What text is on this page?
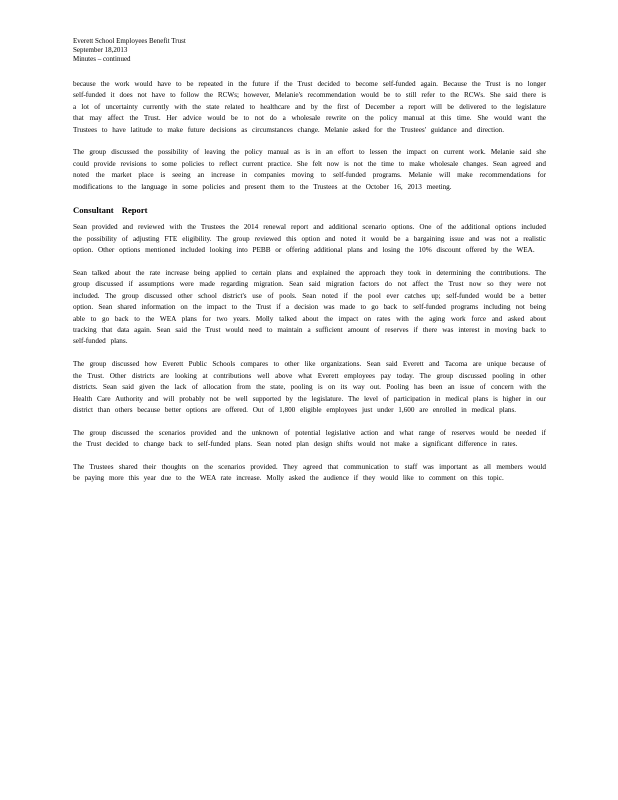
Everett School Employees Benefit Trust
September 18,2013
Minutes – continued

because the work would have to be repeated in the future if the Trust decided to become self-funded again. Because the Trust is no longer self-funded it does not have to follow the RCWs; however, Melanie's recommendation would be to still refer to the RCWs. She said there is a lot of uncertainty currently with the state related to healthcare and by the first of December a report will be delivered to the legislature that may affect the Trust. Her advice would be to not do a wholesale rewrite on the policy manual at this time. She would want the Trustees to have latitude to make future decisions as circumstances change. Melanie asked for the Trustees' guidance and direction.

The group discussed the possibility of leaving the policy manual as is in an effort to lessen the impact on current work. Melanie said she could provide revisions to some policies to reflect current practice. She felt now is not the time to make wholesale changes. Sean agreed and noted the market place is seeing an increase in companies moving to self-funded programs. Melanie will make recommendations for modifications to the language in some policies and present them to the Trustees at the October 16, 2013 meeting.

Consultant Report

Sean provided and reviewed with the Trustees the 2014 renewal report and additional scenario options. One of the additional options included the possibility of adjusting FTE eligibility. The group reviewed this option and noted it would be a bargaining issue and was not a realistic option. Other options mentioned included looking into PEBB or offering additional plans and losing the 10% discount offered by the WEA.

Sean talked about the rate increase being applied to certain plans and explained the approach they took in determining the contributions. The group discussed if assumptions were made regarding migration. Sean said migration factors do not affect the Trust now so they were not included. The group discussed other school district's use of pools. Sean noted if the pool ever catches up; self-funded would be a better option. Sean shared information on the impact to the Trust if a decision was made to go back to self-funded programs including not being able to go back to the WEA plans for two years. Molly talked about the impact on rates with the aging work force and asked about tracking that data again. Sean said the Trust would need to maintain a sufficient amount of reserves if there was interest in moving back to self-funded plans.

The group discussed how Everett Public Schools compares to other like organizations. Sean said Everett and Tacoma are unique because of the Trust. Other districts are looking at contributions well above what Everett employees pay today. The group discussed pooling in other districts. Sean said given the lack of allocation from the state, pooling is on its way out. Pooling has been an issue of concern with the Health Care Authority and will probably not be well supported by the legislature. The level of participation in medical plans is higher in our district than others because better options are offered. Out of 1,800 eligible employees just under 1,600 are enrolled in medical plans.

The group discussed the scenarios provided and the unknown of potential legislative action and what range of reserves would be needed if the Trust decided to change back to self-funded plans. Sean noted plan design shifts would not make a significant difference in rates.

The Trustees shared their thoughts on the scenarios provided. They agreed that communication to staff was important as all members would be paying more this year due to the WEA rate increase. Molly asked the audience if they would like to comment on this topic.
